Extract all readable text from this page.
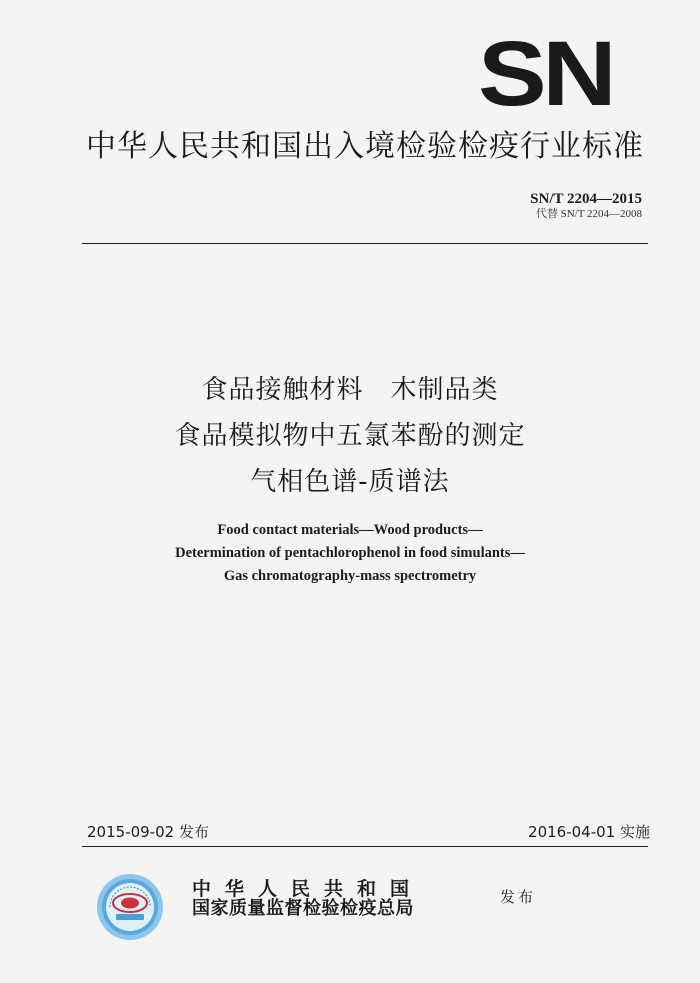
SN
中华人民共和国出入境检验检疫行业标准
SN/T 2204—2015
代替 SN/T 2204—2008
食品接触材料　木制品类
食品模拟物中五氯苯酚的测定
气相色谱-质谱法
Food contact materials—Wood products—
Determination of pentachlorophenol in food simulants—
Gas chromatography-mass spectrometry
2015-09-02 发布	2016-04-01 实施
中华人民共和国
国家质量监督检验检疫总局
发布
